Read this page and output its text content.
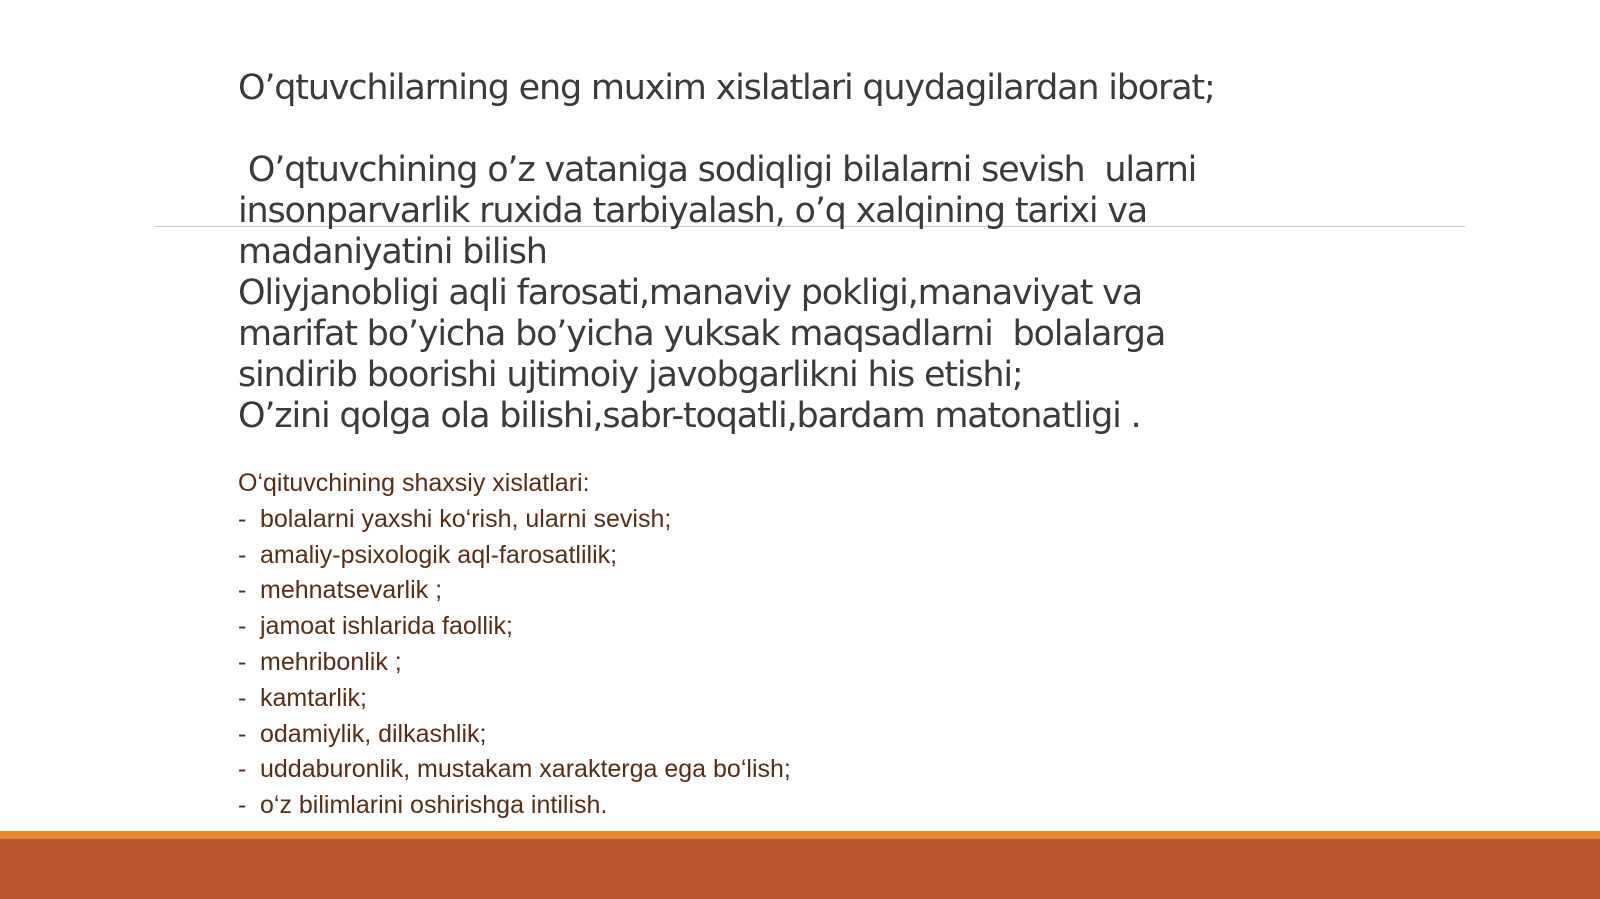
O’qtuvchilarning eng muxim xislatlari quydagilardan iborat;
O’qtuvchining o’z vataniga sodiqligi bilalarni sevish  ularni
insonparvarlik ruxida tarbiyalash, o’q xalqining tarixi va
madaniyatini bilish
Oliyjanobligi aqli farosati,manaviy pokligi,manaviyat va
marifat bo’yicha bo’yicha yuksak maqsadlarni  bolalarga
sindirib boorishi ujtimoiy javobgarlikni his etishi;
O’zini qolga ola bilishi,sabr-toqatli,bardam matonatligi .
O‘qituvchining shaxsiy xislatlari:
- bolalarni yaxshi ko‘rish, ularni sevish;
- amaliy-psixologik aql-farosatlilik;
- mehnatsevarlik ;
- jamoat ishlarida faollik;
- mehribonlik ;
- kamtarlik;
- odamiylik, dilkashlik;
- uddaburonlik, mustakam xarakterga ega bo‘lish;
- o‘z bilimlarini oshirishga intilish.
